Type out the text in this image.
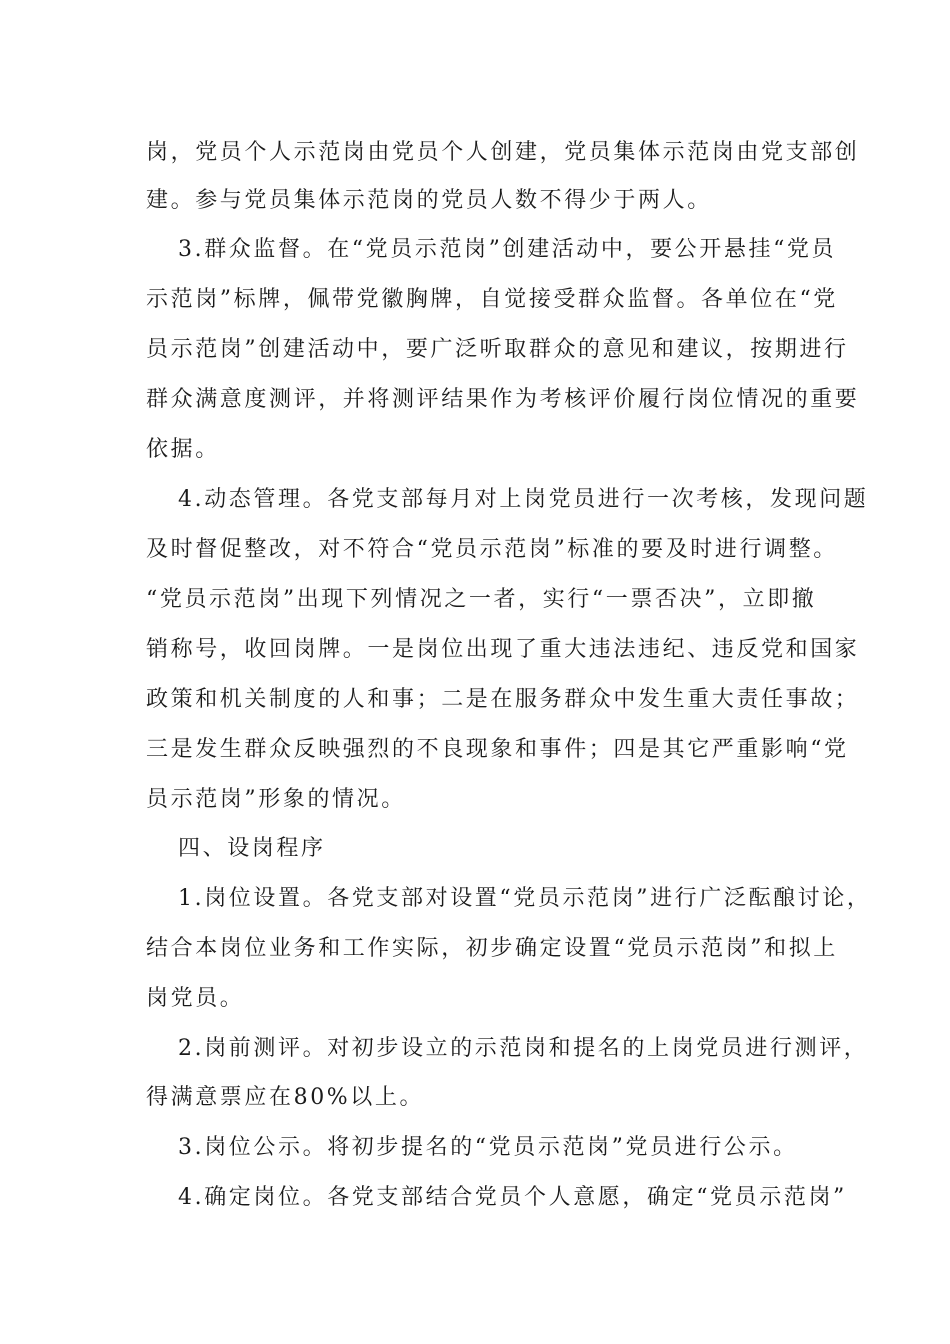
岗，党员个人示范岗由党员个人创建，党员集体示范岗由党支部创
建。参与党员集体示范岗的党员人数不得少于两人。
3.群众监督。在“党员示范岗”创建活动中，要公开悬挂“党员
示范岗”标牌，佩带党徽胸牌，自觉接受群众监督。各单位在“党
员示范岗”创建活动中，要广泛听取群众的意见和建议，按期进行
群众满意度测评，并将测评结果作为考核评价履行岗位情况的重要
依据。
4.动态管理。各党支部每月对上岗党员进行一次考核，发现问题
及时督促整改，对不符合“党员示范岗”标准的要及时进行调整。
“党员示范岗”出现下列情况之一者，实行“一票否决”，立即撤
销称号，收回岗牌。一是岗位出现了重大违法违纪、违反党和国家
政策和机关制度的人和事；二是在服务群众中发生重大责任事故；
三是发生群众反映强烈的不良现象和事件；四是其它严重影响“党
员示范岗”形象的情况。
四、设岗程序
1.岗位设置。各党支部对设置“党员示范岗”进行广泛酝酿讨论，
结合本岗位业务和工作实际，初步确定设置“党员示范岗”和拟上
岗党员。
2.岗前测评。对初步设立的示范岗和提名的上岗党员进行测评，
得满意票应在80%以上。
3.岗位公示。将初步提名的“党员示范岗”党员进行公示。
4.确定岗位。各党支部结合党员个人意愿，确定“党员示范岗”
